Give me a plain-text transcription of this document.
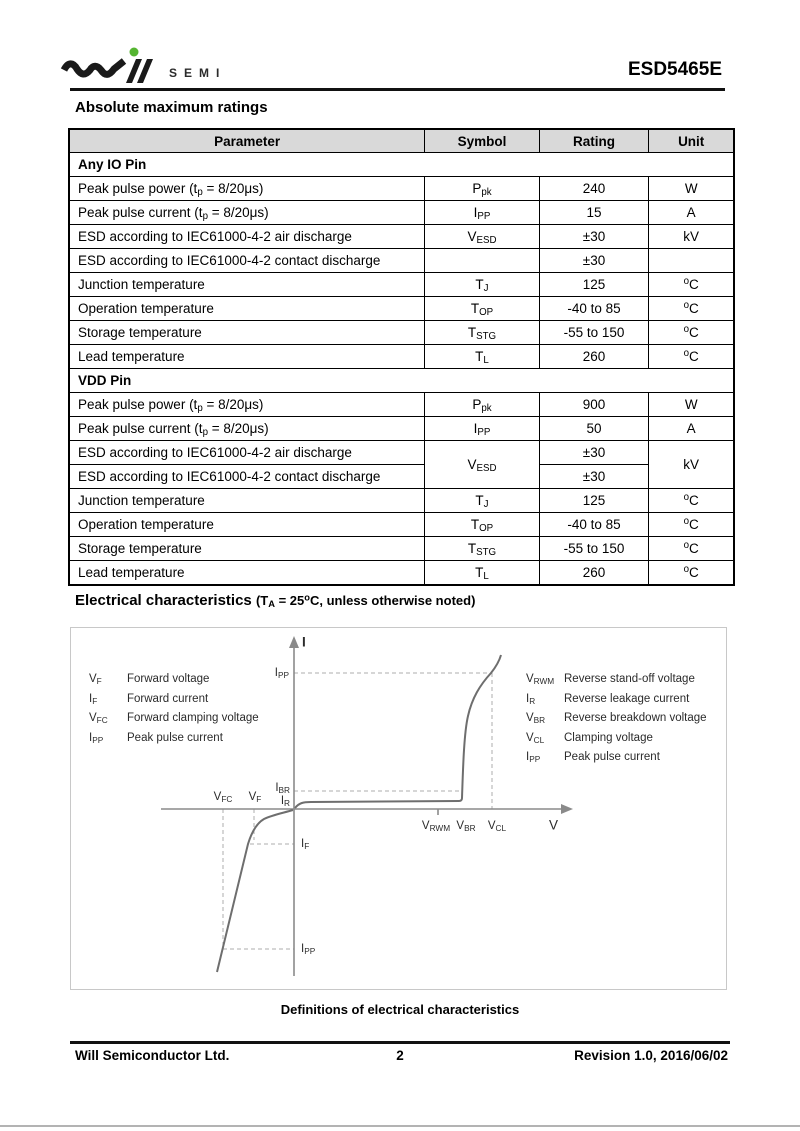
SEMI	ESD5465E
Absolute maximum ratings
Parameter	Symbol	Rating	Unit
Any IO Pin			
Peak pulse power $(t_p = 8/20\mu s)$	$P_{pk}$	240	W
Peak pulse current $(t_p = 8/20\mu s)$	$I_{PP}$	15	A
ESD according to IEC61000-4-2 air discharge	$V_{ESD}$	±30	kV
ESD according to IEC61000-4-2 contact discharge		±30	
Junction temperature	$T_J$	125	$^o$C
Operation temperature	$T_{OP}$	-40 to 85	$^o$C
Storage temperature	$T_{STG}$	-55 to 150	$^o$C
Lead temperature	$T_L$	260	$^o$C
VDD Pin			
Peak pulse power $(t_p = 8/20\mu s)$	$P_{pk}$	900	W
Peak pulse current $(t_p = 8/20\mu s)$	$I_{PP}$	50	A
ESD according to IEC61000-4-2 air discharge	$V_{ESD}$	±30	kV
ESD according to IEC61000-4-2 contact discharge		±30	
Junction temperature	$T_J$	125	$^o$C
Operation temperature	$T_{OP}$	-40 to 85	$^o$C
Storage temperature	$T_{STG}$	-55 to 150	$^o$C
Lead temperature	$T_L$	260	$^o$C
Electrical characteristics ($T_A = 25^oC$, unless otherwise noted)
I
V
$I_{PP}$
$I_{BR}$
$I_R$
$V_{RWM}$ $V_{BR}$ $V_{CL}$
$V_{FC}$ $V_F$
$I_F$
$I_{PP}$
$V_F$ Forward voltage
$I_F$	Forward current
$V_{FC}$ Forward clamping voltage
$I_{PP}$ Peak pulse current
$V_{RWM}$ Reverse stand-off voltage
$I_R$	Reverse leakage current
$V_{BR}$ Reverse breakdown voltage
$V_{CL}$ Clamping voltage
$I_{PP}$ Peak pulse current
Definitions of electrical characteristics
Will Semiconductor Ltd.	2	Revision 1.0, 2016/06/02
